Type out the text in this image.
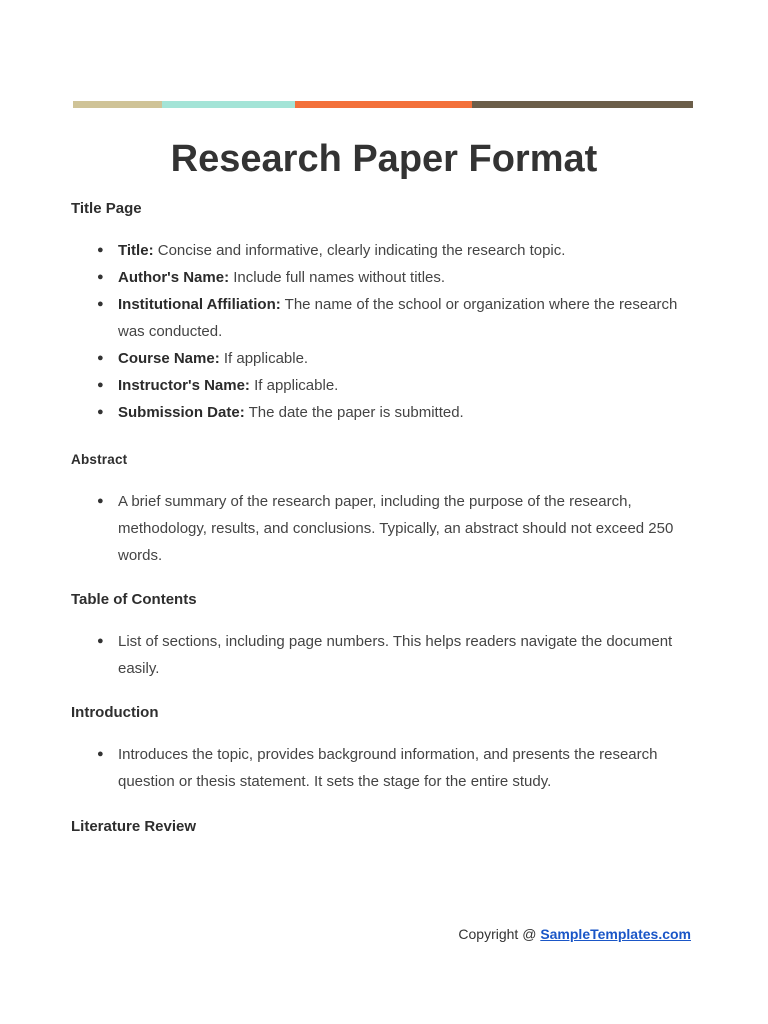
Research Paper Format
Title Page
● Title: Concise and informative, clearly indicating the research topic.
● Author's Name: Include full names without titles.
● Institutional Affiliation: The name of the school or organization where the research was conducted.
● Course Name: If applicable.
● Instructor's Name: If applicable.
● Submission Date: The date the paper is submitted.
Abstract
● A brief summary of the research paper, including the purpose of the research, methodology, results, and conclusions. Typically, an abstract should not exceed 250 words.
Table of Contents
● List of sections, including page numbers. This helps readers navigate the document easily.
Introduction
● Introduces the topic, provides background information, and presents the research question or thesis statement. It sets the stage for the entire study.
Literature Review
Copyright @ SampleTemplates.com
